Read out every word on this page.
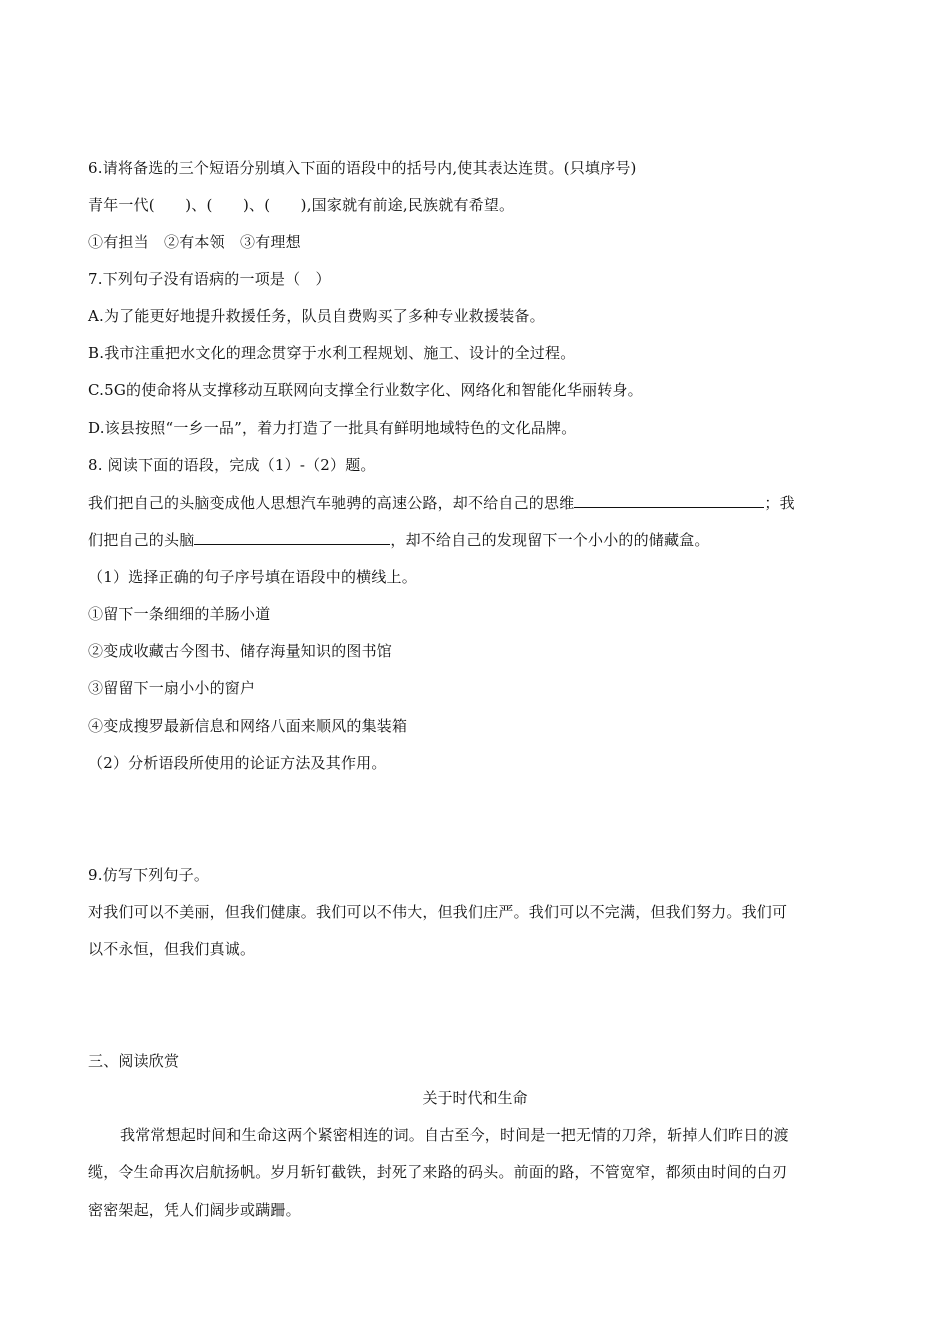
6.请将备选的三个短语分别填入下面的语段中的括号内,使其表达连贯。(只填序号)
青年一代(　　)、(　　)、(　　),国家就有前途,民族就有希望。
①有担当　②有本领　③有理想
7.下列句子没有语病的一项是（　）
A.为了能更好地提升救援任务，队员自费购买了多种专业救援装备。
B.我市注重把水文化的理念贯穿于水利工程规划、施工、设计的全过程。
C.5G的使命将从支撑移动互联网向支撑全行业数字化、网络化和智能化华丽转身。
D.该县按照“一乡一品”，着力打造了一批具有鲜明地域特色的文化品牌。
8. 阅读下面的语段，完成（1）-（2）题。
我们把自己的头脑变成他人思想汽车驰骋的高速公路，却不给自己的思维	；我
们把自己的头脑	，却不给自己的发现留下一个小小的的储藏盒。
（1）选择正确的句子序号填在语段中的横线上。
①留下一条细细的羊肠小道
②变成收藏古今图书、储存海量知识的图书馆
③留留下一扇小小的窗户
④变成搜罗最新信息和网络八面来顺风的集装箱
（2）分析语段所使用的论证方法及其作用。
9.仿写下列句子。
对我们可以不美丽，但我们健康。我们可以不伟大，但我们庄严。我们可以不完满，但我们努力。我们可
以不永恒，但我们真诚。
三、阅读欣赏
关于时代和生命
我常常想起时间和生命这两个紧密相连的词。自古至今，时间是一把无情的刀斧，斩掉人们昨日的渡
缆，令生命再次启航扬帆。岁月斩钉截铁，封死了来路的码头。前面的路，不管宽窄，都须由时间的白刃
密密架起，凭人们阔步或蹒跚。
